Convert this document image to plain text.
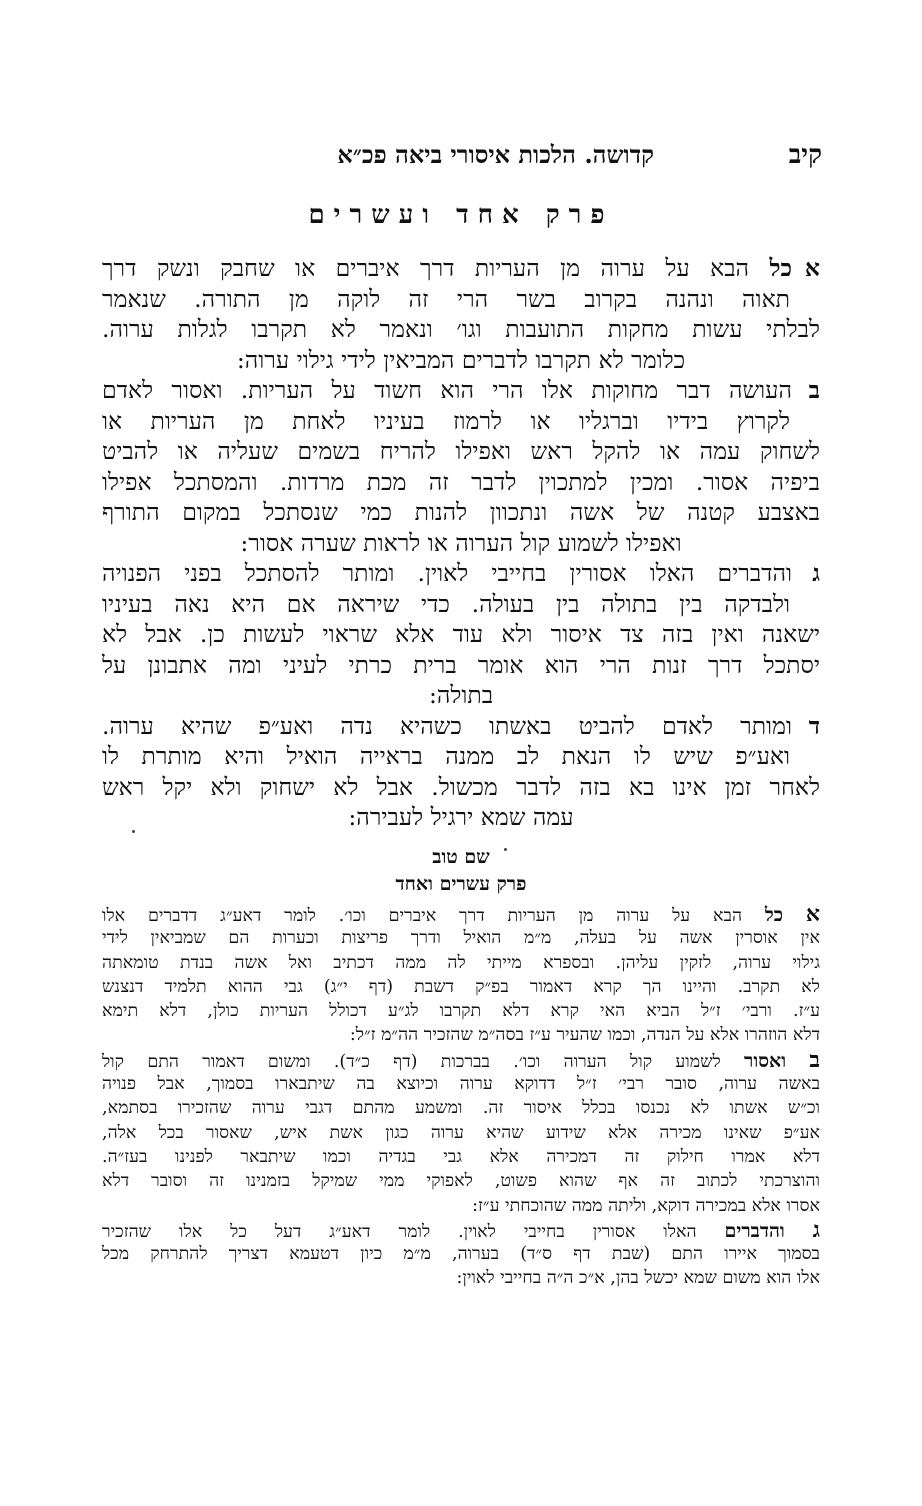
קיב
קדושה. הלכות איסורי ביאה פכ״א
פרק אחד ועשרים
אכל הבא על ערוה מן העריות דרך איברים או שחבק ונשק דרך
תאוה ונהנה בקרוב בשר הרי זה לוקה מן התורה. שנאמר
לבלתי עשות מחקות התועבות וגו׳ ונאמר לא תקרבו לגלות ערוה.
כלומר לא תקרבו לדברים המביאין לידי גילוי ערוה:
בהעושה דבר מחוקות אלו הרי הוא חשוד על העריות. ואסור לאדם
לקרוץ בידיו וברגליו או לרמוז בעיניו לאחת מן העריות או
לשחוק עמה או להקל ראש ואפילו להריח בשמים שעליה או להביט
ביפיה אסור. ומכין למתכוין לדבר זה מכת מרדות. והמסתכל אפילו
באצבע קטנה של אשה ונתכוון להנות כמי שנסתכל במקום התורף
ואפילו לשמוע קול הערוה או לראות שערה אסור:
גוהדברים האלו אסורין בחייבי לאוין. ומותר להסתכל בפני הפנויה
ולבדקה בין בתולה בין בעולה. כדי שיראה אם היא נאה בעיניו
ישאנה ואין בזה צד איסור ולא עוד אלא שראוי לעשות כן. אבל לא
יסתכל דרך זנות הרי הוא אומר ברית כרתי לעיני ומה אתבונן על
בתולה:
דומותר לאדם להביט באשתו כשהיא נדה ואע״פ שהיא ערוה.
ואע״פ שיש לו הנאת לב ממנה בראייה הואיל והיא מותרת לו
לאחר זמן אינו בא בזה לדבר מכשול. אבל לא ישחוק ולא יקל ראש
עמה שמא ירגיל לעבירה:
שם טוב
פרק עשרים ואחד
א כל הבא על ערוה מן העריות דרך איברים וכו׳. לומר דאע״ג דדברים אלו
אין אוסרין אשה על בעלה, מ״מ הואיל ודרך פריצות וכערות הם שמביאין לידי
גילוי ערוה, לזקין עליהן. ובספרא מייתי לה ממה דכתיב ואל אשה בנדת טומאתה
לא תקרב. והיינו הך קרא דאמור בפ״ק דשבת (דף י״ג) גבי ההוא תלמיד דנצנש
ע״ז. ורבי׳ ז״ל הביא האי קרא דלא תקרבו לג״ע דכולל העריות כולן, דלא תימא
דלא הוזהרו אלא על הנדה, וכמו שהעיר ע״ז בסה״מ שהזכיר הה״מ ז״ל:
ב ואסור לשמוע קול הערוה וכו׳. בברכות (דף כ״ד). ומשום דאמור התם קול
באשה ערוה, סובר רבי׳ ז״ל דדוקא ערוה וכיוצא בה שיתבארו בסמוך, אבל פנויה
וכ״ש אשתו לא נכנסו בכלל איסור זה. ומשמע מהתם דגבי ערוה שהזכירו בסתמא,
אע״פ שאינו מכירה אלא שידוע שהיא ערוה כגון אשת איש, שאסור בכל אלה,
דלא אמרו חילוק זה דמכירה אלא גבי בגדיה וכמו שיתבאר לפנינו בעז״ה.
והוצרכתי לכתוב זה אף שהוא פשוט, לאפוקי ממי שמיקל בזמנינו זה וסובר דלא
אסרו אלא במכירה דוקא, וליתה ממה שהוכחתי ע״ז:
ג והדברים האלו אסורין בחייבי לאוין. לומר דאע״ג דעל כל אלו שהזכיר
בסמוך איירו התם (שבת דף ס״ד) בערוה, מ״מ כיון דטעמא דצריך להתרחק מכל
אלו הוא משום שמא יכשל בהן, א״כ ה״ה בחייבי לאוין:
